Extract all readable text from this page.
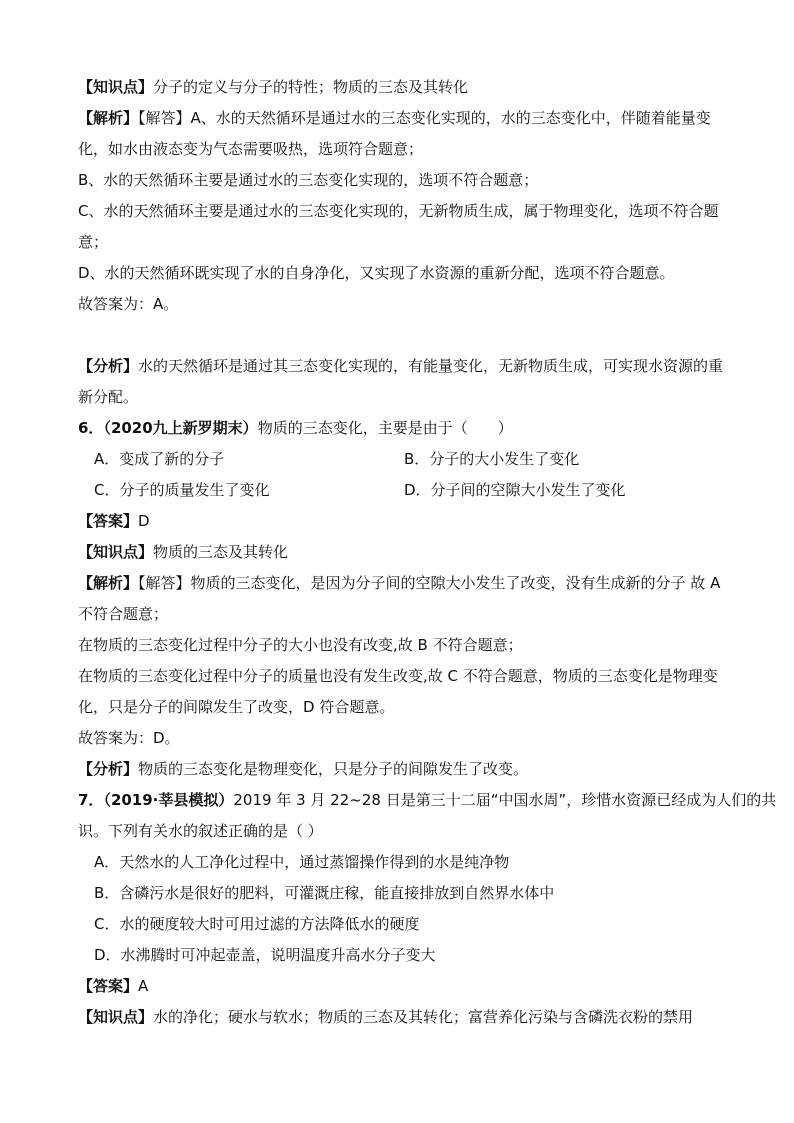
【知识点】分子的定义与分子的特性；物质的三态及其转化
【解析】【解答】A、水的天然循环是通过水的三态变化实现的，水的三态变化中，伴随着能量变
化，如水由液态变为气态需要吸热，选项符合题意；
B、水的天然循环主要是通过水的三态变化实现的，选项不符合题意；
C、水的天然循环主要是通过水的三态变化实现的，无新物质生成，属于物理变化，选项不符合题
意；
D、水的天然循环既实现了水的自身净化，又实现了水资源的重新分配，选项不符合题意。
故答案为：A。
【分析】水的天然循环是通过其三态变化实现的，有能量变化，无新物质生成，可实现水资源的重
新分配。
6．（2020九上新罗期末）物质的三态变化，主要是由于（　　）
A．变成了新的分子	B．分子的大小发生了变化
C．分子的质量发生了变化	D．分子间的空隙大小发生了变化
【答案】D
【知识点】物质的三态及其转化
【解析】【解答】物质的三态变化，是因为分子间的空隙大小发生了改变，没有生成新的分子 故 A
不符合题意；
在物质的三态变化过程中分子的大小也没有改变,故 B 不符合题意；
在物质的三态变化过程中分子的质量也没有发生改变,故 C 不符合题意，物质的三态变化是物理变
化，只是分子的间隙发生了改变，D 符合题意。
故答案为：D。
【分析】物质的三态变化是物理变化，只是分子的间隙发生了改变。
7．（2019·莘县模拟）2019 年 3 月 22~28 日是第三十二届“中国水周”，珍惜水资源已经成为人们的共
识。下列有关水的叙述正确的是（ ）
A．天然水的人工净化过程中，通过蒸馏操作得到的水是纯净物
B．含磷污水是很好的肥料，可灌溉庄稼，能直接排放到自然界水体中
C．水的硬度较大时可用过滤的方法降低水的硬度
D．水沸腾时可冲起壶盖，说明温度升高水分子变大
【答案】A
【知识点】水的净化；硬水与软水；物质的三态及其转化；富营养化污染与含磷洗衣粉的禁用
